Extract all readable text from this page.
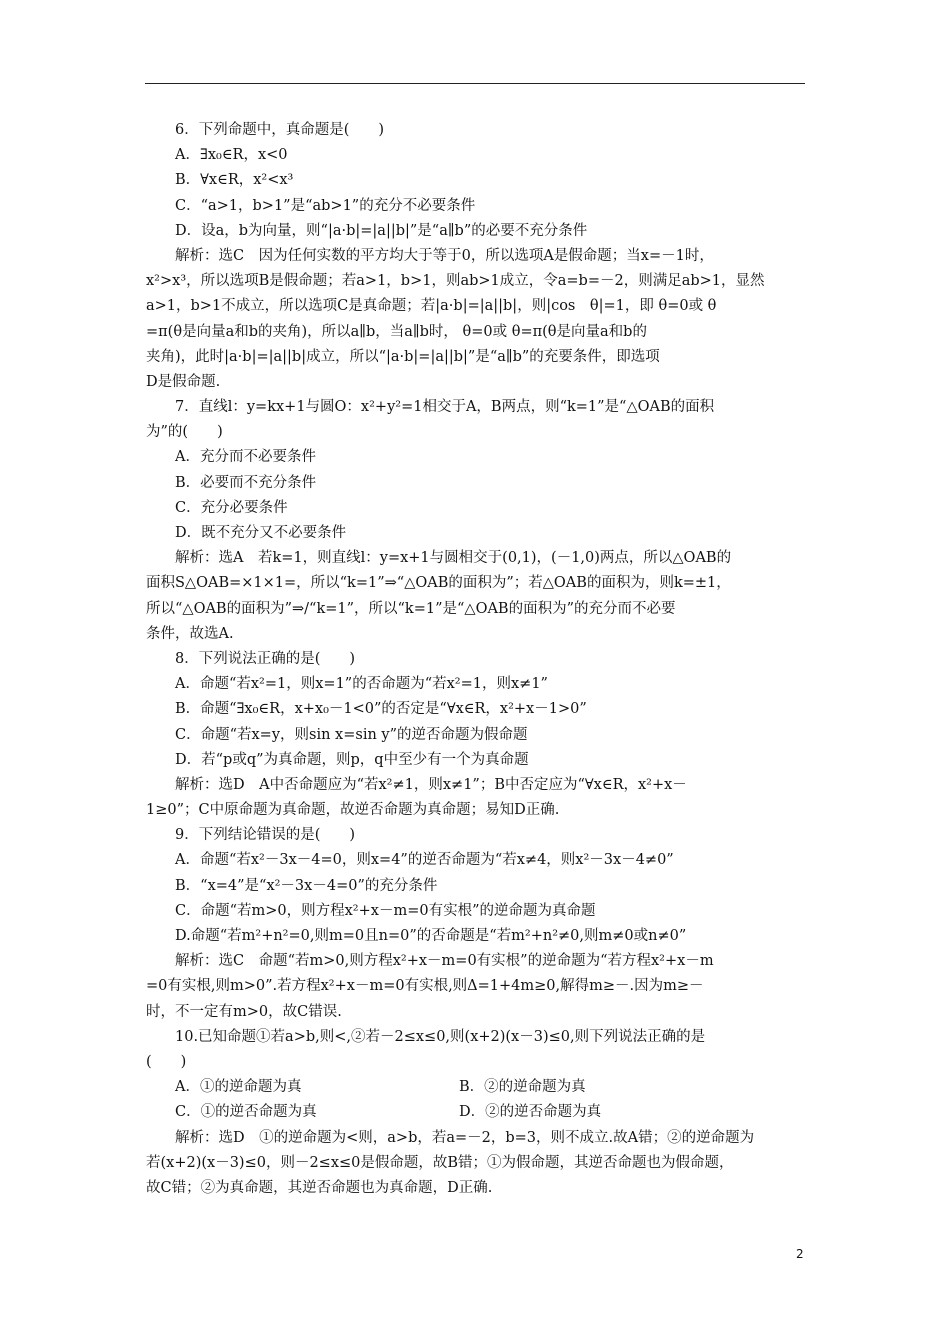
6．下列命题中，真命题是(　　)
A．∃x₀∈R，x<0
B．∀x∈R，x²<x³
C．“a>1，b>1”是“ab>1”的充分不必要条件
D．设a，b为向量，则“|a·b|=|a||b|”是“a∥b”的必要不充分条件
解析：选C　因为任何实数的平方均大于等于0，所以选项A是假命题；当x=－1时，
x²>x³，所以选项B是假命题；若a>1，b>1，则ab>1成立，令a=b=－2，则满足ab>1，显然
a>1，b>1不成立，所以选项C是真命题；若|a·b|=|a||b|，则|cos　θ|=1，即 θ=0或 θ
=π(θ是向量a和b的夹角)，所以a∥b，当a∥b时， θ=0或 θ=π(θ是向量a和b的
夹角)，此时|a·b|=|a||b|成立，所以“|a·b|=|a||b|”是“a∥b”的充要条件，即选项
D是假命题.
7．直线l：y=kx+1与圆O：x²+y²=1相交于A，B两点，则“k=1”是“△OAB的面积
为”的(　　)
A．充分而不必要条件
B．必要而不充分条件
C．充分必要条件
D．既不充分又不必要条件
解析：选A　若k=1，则直线l：y=x+1与圆相交于(0,1)，(－1,0)两点，所以△OAB的
面积S△OAB=×1×1=，所以“k=1”⇒“△OAB的面积为”；若△OAB的面积为，则k=±1，
所以“△OAB的面积为”⇒/“k=1”，所以“k=1”是“△OAB的面积为”的充分而不必要
条件，故选A.
8．下列说法正确的是(　　)
A．命题“若x²=1，则x=1”的否命题为“若x²=1，则x≠1”
B．命题“∃x₀∈R，x+x₀－1<0”的否定是“∀x∈R，x²+x－1>0”
C．命题“若x=y，则sin x=sin y”的逆否命题为假命题
D．若“p或q”为真命题，则p，q中至少有一个为真命题
解析：选D　A中否命题应为“若x²≠1，则x≠1”；B中否定应为“∀x∈R，x²+x－
1≥0”；C中原命题为真命题，故逆否命题为真命题；易知D正确.
9．下列结论错误的是(　　)
A．命题“若x²－3x－4=0，则x=4”的逆否命题为“若x≠4，则x²－3x－4≠0”
B．“x=4”是“x²－3x－4=0”的充分条件
C．命题“若m>0，则方程x²+x－m=0有实根”的逆命题为真命题
D.命题“若m²+n²=0,则m=0且n=0”的否命题是“若m²+n²≠0,则m≠0或n≠0”
解析：选C　命题“若m>0,则方程x²+x－m=0有实根”的逆命题为“若方程x²+x－m
=0有实根,则m>0”.若方程x²+x－m=0有实根,则Δ=1+4m≥0,解得m≥－.因为m≥－
时，不一定有m>0，故C错误.
10.已知命题①若a>b,则<,②若－2≤x≤0,则(x+2)(x－3)≤0,则下列说法正确的是
(　　)
A．①的逆命题为真	B．②的逆命题为真
C．①的逆否命题为真	D．②的逆否命题为真
解析：选D　①的逆命题为<则，a>b，若a=－2，b=3，则不成立.故A错；②的逆命题为
若(x+2)(x－3)≤0，则－2≤x≤0是假命题，故B错；①为假命题，其逆否命题也为假命题，
故C错；②为真命题，其逆否命题也为真命题，D正确.
2
